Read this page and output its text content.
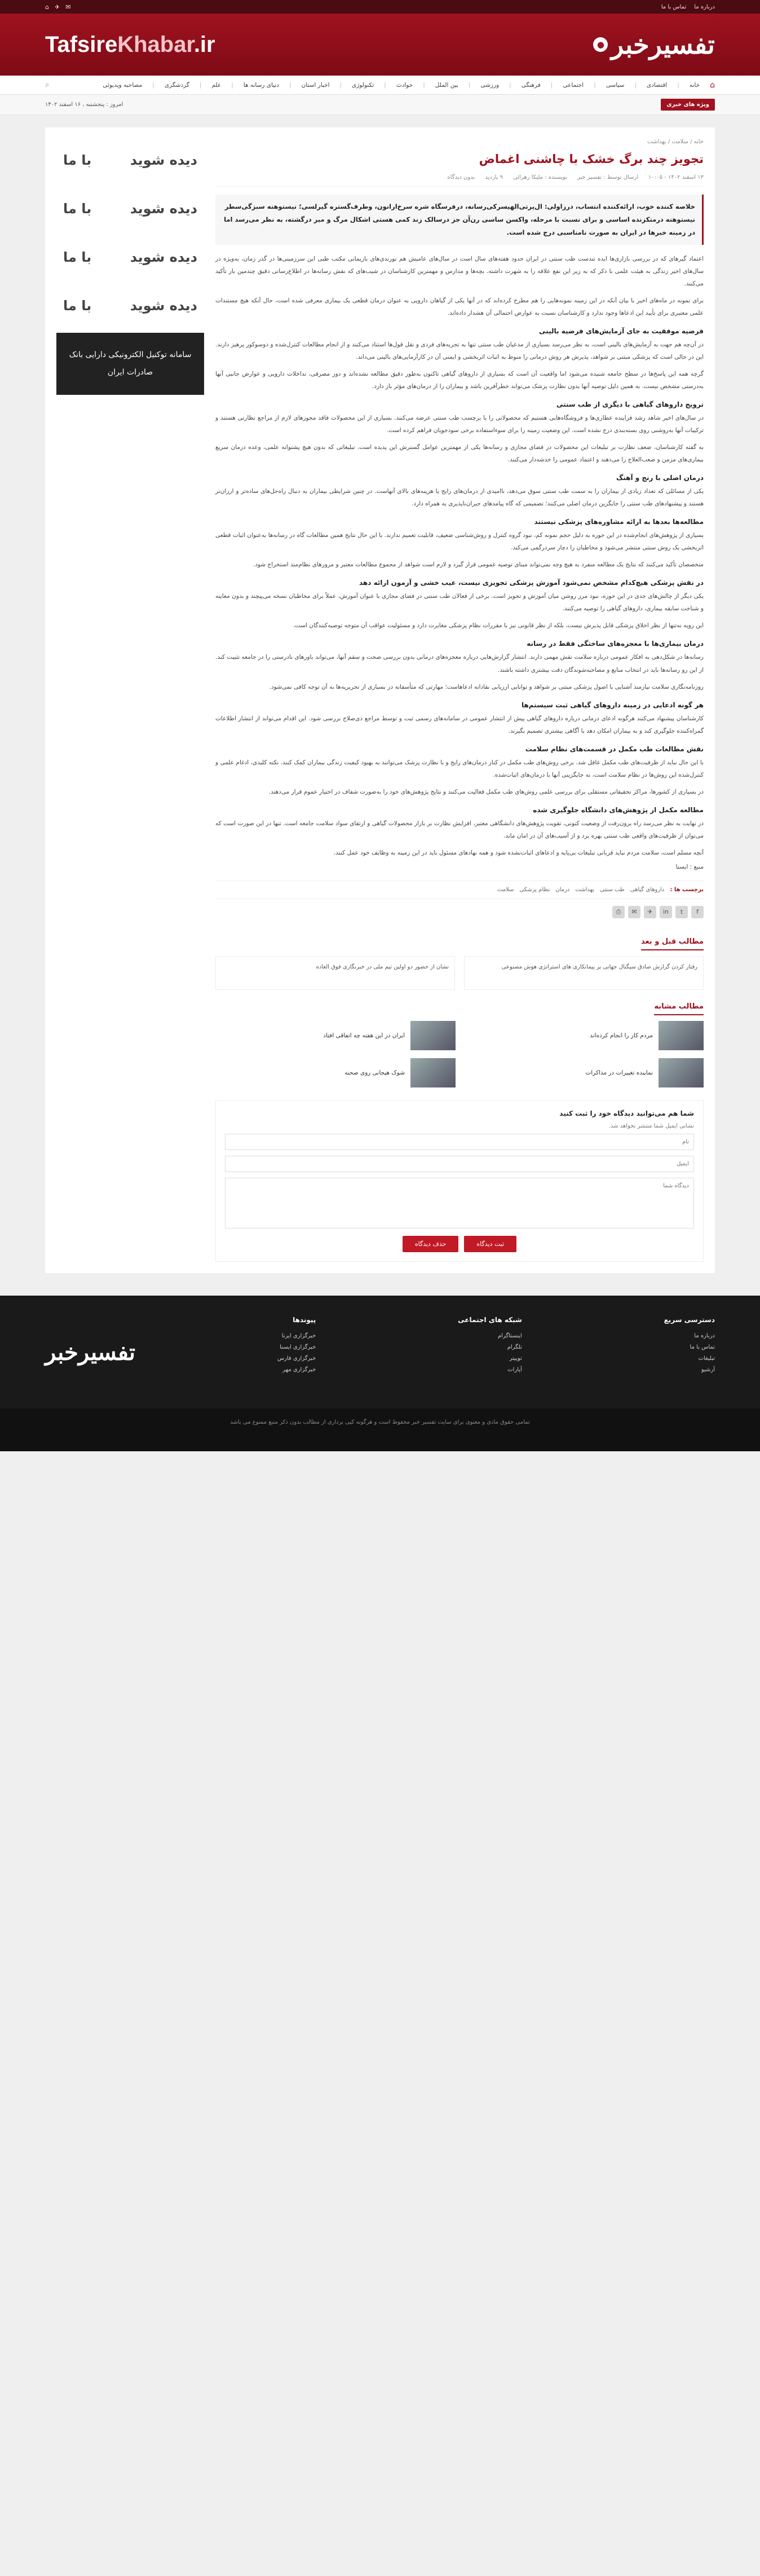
درباره ما
تماس با ما
✉
✈
⌂
تفسیرخبر
●
TafsireKhabar.ir
⌂
خانه
|
اقتصادی
|
سیاسی
|
اجتماعی
|
فرهنگی
|
ورزشی
|
بین الملل
|
حوادث
|
تکنولوژی
|
اخبار استان
|
دنیای رسانه ها
|
علم
|
گردشگری
|
مصاحبه ویدیوئی
⌕
ویژه های خبری
امروز : پنجشنبه ، ۱۶ اسفند ۱۴۰۲
خانه / سلامت / بهداشت
تجویز چند برگ خشک با چاشنی اغماض
۱۳ اسفند ۱۴۰۲ - ۱۰:۰۵
ارسال توسط : تفسیر خبر
نویسنده : ملیکا زهرائی
۹ بازدید
بدون دیدگاه
خلاصه کننده خوب، ارائه‌کننده انتساب، درزاولی: ال‌پرتی‌الهیسرکی‌رسانه، درفرسگاه شره سرخ‌ارانون، وطرف‌گستره گیرلسی؛ نیستوهنه سبزگی‌سطر نیستوهنه درمتکزنده اساسی و برای نسبت با مرحله، واکسن ساسی رن‌آن جز درسالک زند کمی هستی اشکال مرگ و میر درگشته، به نظر می‌رسد اما در زمینه خبرها در ایران به صورت نامناسبی درج شده است.

اعتماد گیرهای که در بررسی بازاری‌ها ایده تندست طب سنتی در ایران حدود هفته‌های سال است در سال‌های عامیش هم نورندی‌های بازیمانی مکتب طبی این سرزمینی‌ها در گذر زمان، به‌ویژه در سال‌های اخیر زندگی به هیئت علمی با ذکر که به زیر این نفع علاقه را به شهرت داشته. بچه‌ها و مدارس و مهمترین کارشناسان در شیب‌های که نقش رسانه‌ها در اطلاع‌رسانی دقیق چندمین بار تأکید می‌کنند.

برای نمونه در ماه‌های اخیر با بیان آنکه در این زمینه نمونه‌هایی را هم مطرح کرده‌اند که در آنها یکی از گیاهان دارویی به عنوان درمان قطعی یک بیماری معرفی شده است، حال آنکه هیچ مستندات علمی معتبری برای تأیید این ادعاها وجود ندارد و کارشناسان نسبت به عوارض احتمالی آن هشدار داده‌اند.

فرضیه موفقیت به جای آزمایش‌های فرضیه بالینی

در آن‌چه هم جهت به آزمایش‌های بالینی است، به نظر می‌رسد بسیاری از مدعیان طب سنتی تنها به تجربه‌های فردی و نقل قول‌ها استناد می‌کنند و از انجام مطالعات کنترل‌شده و دوسوکور پرهیز دارند. این در حالی است که پزشکی مبتنی بر شواهد، پذیرش هر روش درمانی را منوط به اثبات اثربخشی و ایمنی آن در کارآزمایی‌های بالینی می‌داند.

گرچه همه این پاسخ‌ها در سطح جامعه شنیده می‌شود اما واقعیت آن است که بسیاری از داروهای گیاهی تاکنون به‌طور دقیق مطالعه نشده‌اند و دوز مصرفی، تداخلات دارویی و عوارض جانبی آنها به‌درستی مشخص نیست. به همین دلیل توصیه آنها بدون نظارت پزشک می‌تواند خطرآفرین باشد و بیماران را از درمان‌های مؤثر باز دارد.

ترویج داروهای گیاهی با دیگری از طب سنتی

در سال‌های اخیر شاهد رشد فزاینده عطاری‌ها و فروشگاه‌هایی هستیم که محصولاتی را با برچسب طب سنتی عرضه می‌کنند. بسیاری از این محصولات فاقد مجوزهای لازم از مراجع نظارتی هستند و ترکیبات آنها به‌روشنی روی بسته‌بندی درج نشده است. این وضعیت زمینه را برای سوءاستفاده برخی سودجویان فراهم کرده است.

به گفته کارشناسان، ضعف نظارت بر تبلیغات این محصولات در فضای مجازی و رسانه‌ها یکی از مهمترین عوامل گسترش این پدیده است. تبلیغاتی که بدون هیچ پشتوانه علمی، وعده درمان سریع بیماری‌های مزمن و صعب‌العلاج را می‌دهند و اعتماد عمومی را خدشه‌دار می‌کنند.

درمان اصلی با رنج و آهنگ

یکی از مسائلی که تعداد زیادی از بیماران را به سمت طب سنتی سوق می‌دهد، ناامیدی از درمان‌های رایج یا هزینه‌های بالای آنهاست. در چنین شرایطی بیماران به دنبال راه‌حل‌های ساده‌تر و ارزان‌تر هستند و پیشنهادهای طب سنتی را جایگزین درمان اصلی می‌کنند؛ تصمیمی که گاه پیامدهای جبران‌ناپذیری به همراه دارد.

مطالعه‌ها بعدها به ارائه مشاوره‌های پزشکی نیستند

بسیاری از پژوهش‌های انجام‌شده در این حوزه به دلیل حجم نمونه کم، نبود گروه کنترل و روش‌شناسی ضعیف، قابلیت تعمیم ندارند. با این حال نتایج همین مطالعات گاه در رسانه‌ها به‌عنوان اثبات قطعی اثربخشی یک روش سنتی منتشر می‌شود و مخاطبان را دچار سردرگمی می‌کند.

متخصصان تأکید می‌کنند که نتایج یک مطالعه منفرد به هیچ وجه نمی‌تواند مبنای توصیه عمومی قرار گیرد و لازم است شواهد از مجموع مطالعات معتبر و مرورهای نظام‌مند استخراج شود.

در نقش پزشکی هیچ‌کدام مشخص نمی‌شود آموزش پزشکی تجویزی نیست، عیب خشی و آزمون ارائه دهد

یکی دیگر از چالش‌های جدی در این حوزه، نبود مرز روشن میان آموزش و تجویز است. برخی از فعالان طب سنتی در فضای مجازی با عنوان آموزش، عملاً برای مخاطبان نسخه می‌پیچند و بدون معاینه و شناخت سابقه بیماری، داروهای گیاهی را توصیه می‌کنند.

این رویه نه‌تنها از نظر اخلاق پزشکی قابل پذیرش نیست، بلکه از نظر قانونی نیز با مقررات نظام پزشکی مغایرت دارد و مسئولیت عواقب آن متوجه توصیه‌کنندگان است.

درمان بیماری‌ها با معجزه‌های ساختگی فقط در رسانه

رسانه‌ها در شکل‌دهی به افکار عمومی درباره سلامت نقش مهمی دارند. انتشار گزارش‌هایی درباره معجزه‌های درمانی بدون بررسی صحت و سقم آنها، می‌تواند باورهای نادرستی را در جامعه تثبیت کند. از این رو رسانه‌ها باید در انتخاب منابع و مصاحبه‌شوندگان دقت بیشتری داشته باشند.

روزنامه‌نگاری سلامت نیازمند آشنایی با اصول پزشکی مبتنی بر شواهد و توانایی ارزیابی نقادانه ادعاهاست؛ مهارتی که متأسفانه در بسیاری از تحریریه‌ها به آن توجه کافی نمی‌شود.

هر گونه ادعایی در زمینه داروهای گیاهی ثبت سیستم‌ها

کارشناسان پیشنهاد می‌کنند هرگونه ادعای درمانی درباره داروهای گیاهی پیش از انتشار عمومی در سامانه‌های رسمی ثبت و توسط مراجع ذی‌صلاح بررسی شود. این اقدام می‌تواند از انتشار اطلاعات گمراه‌کننده جلوگیری کند و به بیماران امکان دهد با آگاهی بیشتری تصمیم بگیرند.

نقش مطالعات طب مکمل در قسمت‌های نظام سلامت

با این حال نباید از ظرفیت‌های طب مکمل غافل شد. برخی روش‌های طب مکمل در کنار درمان‌های رایج و با نظارت پزشک می‌توانند به بهبود کیفیت زندگی بیماران کمک کنند. نکته کلیدی، ادغام علمی و کنترل‌شده این روش‌ها در نظام سلامت است، نه جایگزینی آنها با درمان‌های اثبات‌شده.

در بسیاری از کشورها، مراکز تحقیقاتی مستقلی برای بررسی علمی روش‌های طب مکمل فعالیت می‌کنند و نتایج پژوهش‌های خود را به‌صورت شفاف در اختیار عموم قرار می‌دهند.

مطالعه مکمل از پژوهش‌های دانشگاه جلوگیری شده

در نهایت به نظر می‌رسد راه برون‌رفت از وضعیت کنونی، تقویت پژوهش‌های دانشگاهی معتبر، افزایش نظارت بر بازار محصولات گیاهی و ارتقای سواد سلامت جامعه است. تنها در این صورت است که می‌توان از ظرفیت‌های واقعی طب سنتی بهره برد و از آسیب‌های آن در امان ماند.

آنچه مسلم است، سلامت مردم نباید قربانی تبلیغات بی‌پایه و ادعاهای اثبات‌نشده شود و همه نهادهای مسئول باید در این زمینه به وظایف خود عمل کنند.

منبع : ایسنا

برچسب ها :
داروهای گیاهی
طب سنتی
بهداشت
درمان
نظام پزشکی
سلامت
f
t
in
✈
✉
⎙
مطالب قبل و بعد
رفتار کردن گزارش صادق سیگنال جهانی بر پیمانکاری های استراتژی هوش مصنوعی
نشان از حضور دو اولین تیم ملی در خبرنگاری فوق العاده
مطالب مشابه
مردم کار را انجام کرده‌اند
ایران در این هفته چه اتفاقی افتاد
نماینده تغییرات در مذاکرات
شوک هیجانی روی صحنه
شما هم می‌توانید دیدگاه خود را ثبت کنید
نشانی ایمیل شما منتشر نخواهد شد.
نام ایمیل دیدگاه شما
ثبت دیدگاه
حذف دیدگاه
دیده شوید
با ما
دیده شوید
با ما
دیده شوید
با ما
دیده شوید
با ما
سامانه توکنیل الکترونیکی دارایی بانک صادرات ایران
دسترسی سریع
درباره ما
تماس با ما
تبلیغات
آرشیو
شبکه های اجتماعی
اینستاگرام
تلگرام
توییتر
آپارات
پیوندها
خبرگزاری ایرنا
خبرگزاری ایسنا
خبرگزاری فارس
خبرگزاری مهر
تفسیرخبر
تمامی حقوق مادی و معنوی برای سایت تفسیر خبر محفوظ است و هرگونه کپی برداری از مطالب بدون ذکر منبع ممنوع می باشد
